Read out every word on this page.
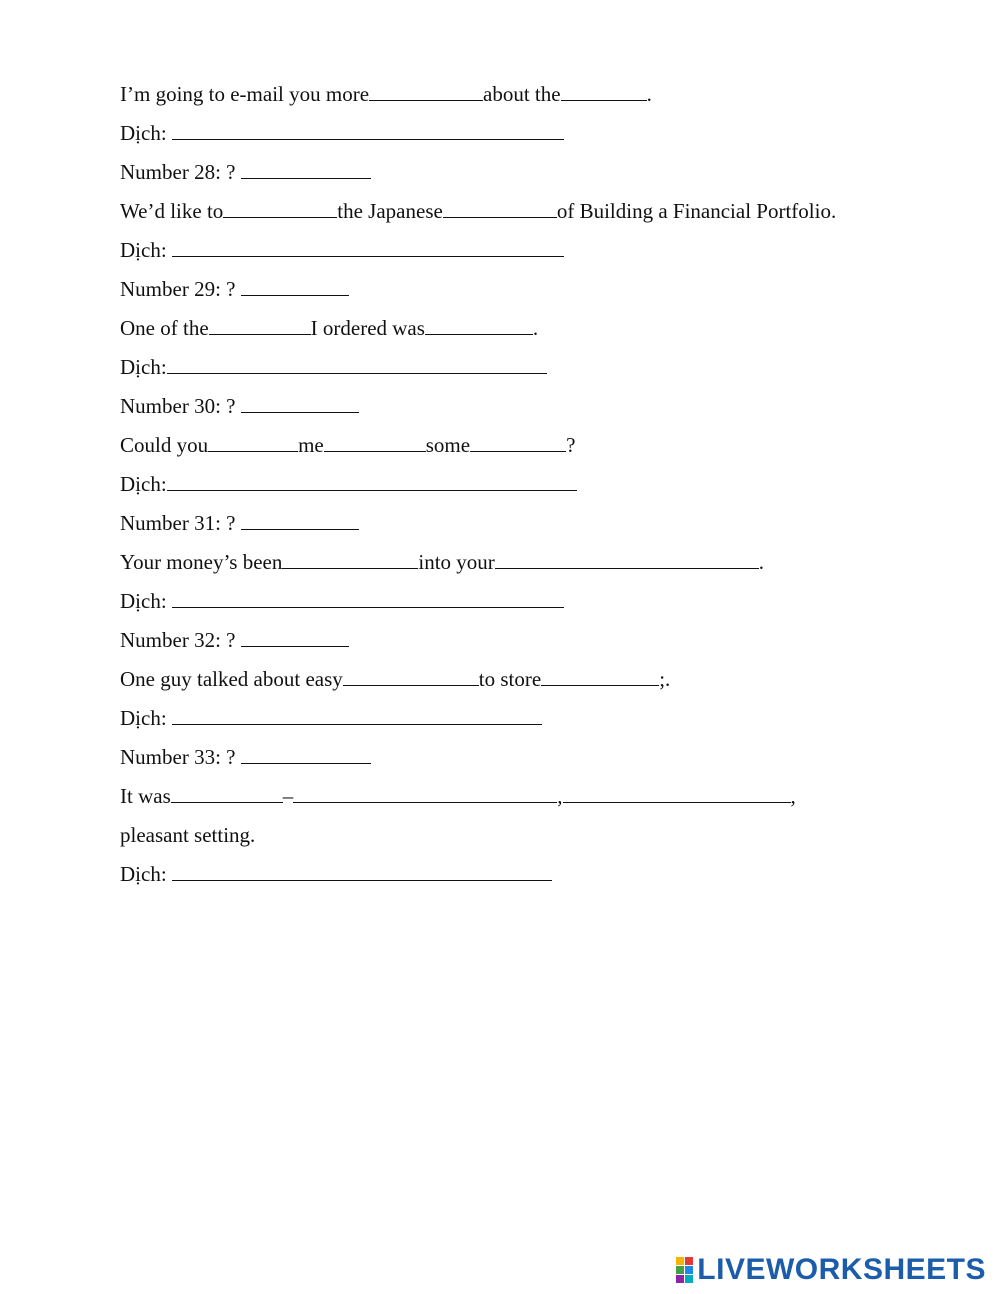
I’m going to e-mail you more	about the	.
Dịch:
Number 28: ?
We’d like to	the Japanese	of Building a Financial Portfolio.
Dịch:
Number 29: ?
One of the	I ordered was	.
Dịch:
Number 30: ?
Could you	me	some	?
Dịch:
Number 31: ?
Your money’s been	into your	.
Dịch:
Number 32: ?
One guy talked about easy	to store	;.
Dịch:
Number 33: ?
It was	–	,	,
pleasant setting.
Dịch:
LIVEWORKSHEETS
